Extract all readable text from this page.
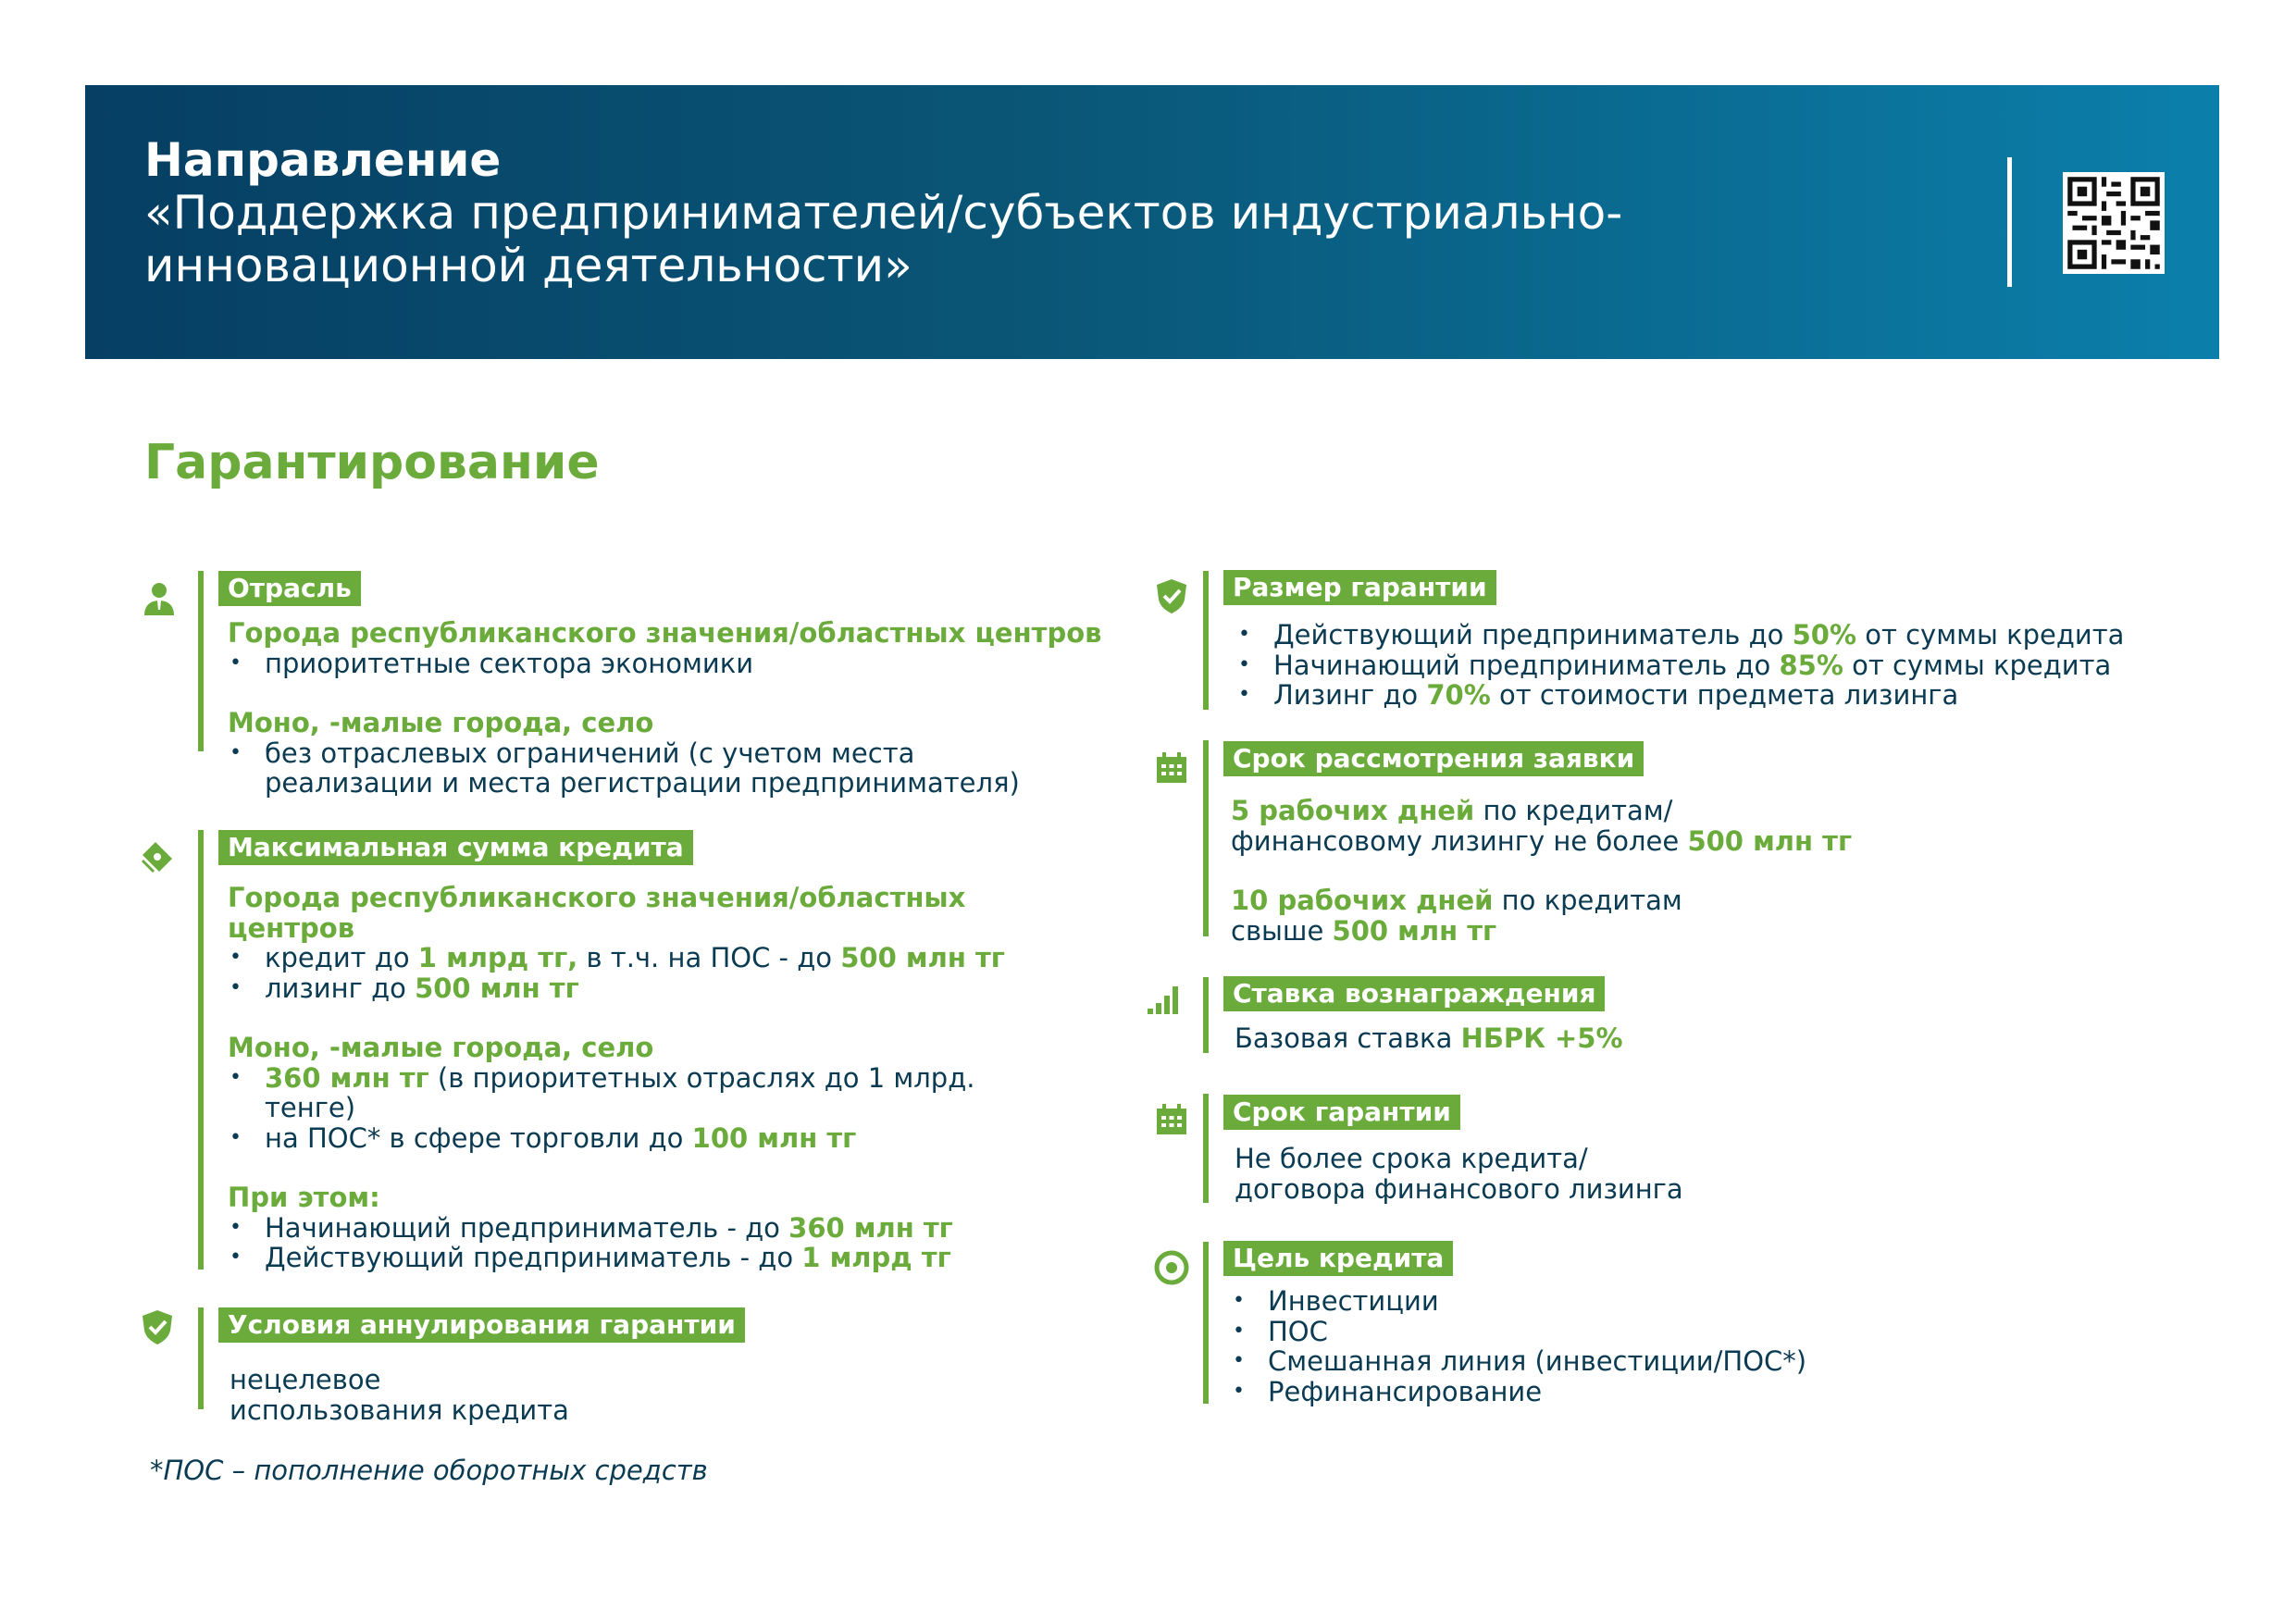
Направление
«Поддержка предпринимателей/субъектов индустриально-инновационной деятельности»
Гарантирование
Отрасль
Города республиканского значения/областных центров
• приоритетные сектора экономики
Моно, -малые города, село
• без отраслевых ограничений (с учетом места реализации и места регистрации предпринимателя)
Максимальная сумма кредита
Города республиканского значения/областных центров
• кредит до 1 млрд тг, в т.ч. на ПОС - до 500 млн тг
• лизинг до 500 млн тг
Моно, -малые города, село
• 360 млн тг (в приоритетных отраслях до 1 млрд. тенге)
• на ПОС* в сфере торговли до 100 млн тг
При этом:
• Начинающий предприниматель - до 360 млн тг
• Действующий предприниматель - до 1 млрд тг
Условия аннулирования гарантии
нецелевое
использования кредита
*ПОС – пополнение оборотных средств
Размер гарантии
• Действующий предприниматель до 50% от суммы кредита
• Начинающий предприниматель до 85% от суммы кредита
• Лизинг до 70% от стоимости предмета лизинга
Срок рассмотрения заявки
5 рабочих дней по кредитам/
финансовому лизингу не более 500 млн тг
10 рабочих дней по кредитам
свыше 500 млн тг
Ставка вознаграждения
Базовая ставка НБРК +5%
Срок гарантии
Не более срока кредита/
договора финансового лизинга
Цель кредита
• Инвестиции
• ПОС
• Смешанная линия (инвестиции/ПОС*)
• Рефинансирование
